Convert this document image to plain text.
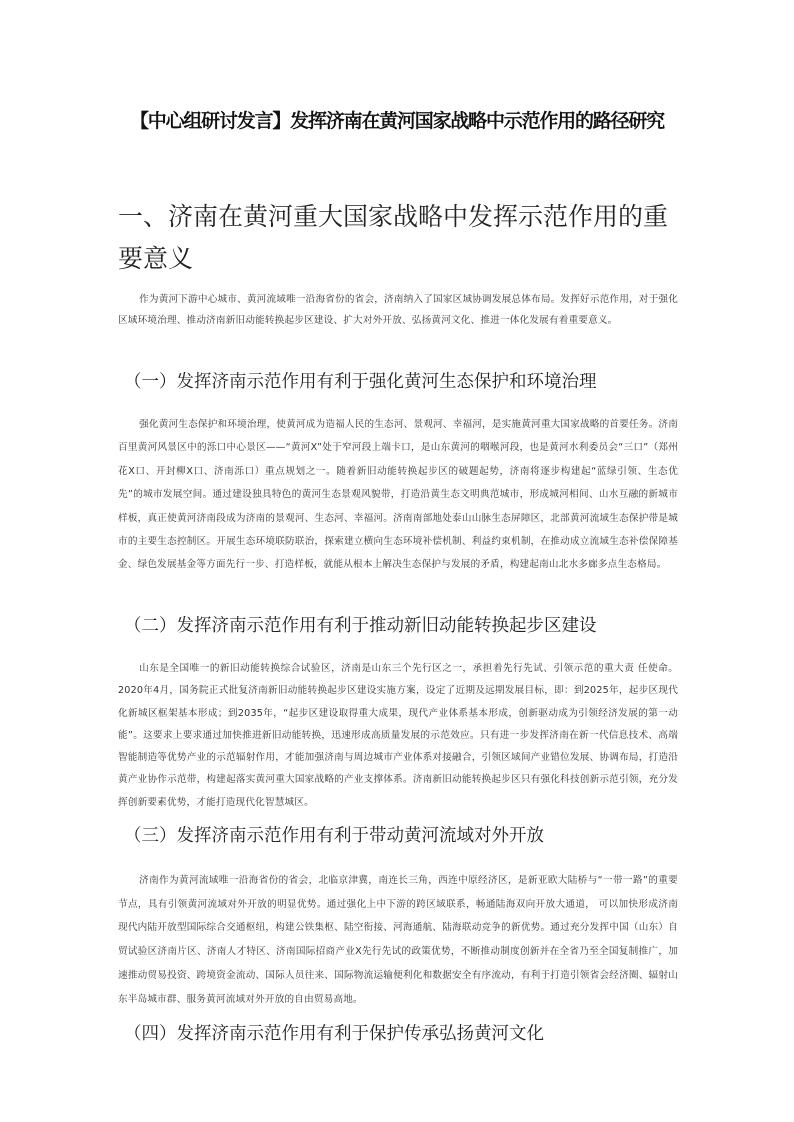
【中心组研讨发言】发挥济南在黄河国家战略中示范作用的路径研究
一、济南在黄河重大国家战略中发挥示范作用的重要意义

作为黄河下游中心城市、黄河流域唯一沿海省份的省会，济南纳入了国家区域协调发展总体布局。发挥好示范作用，对于强化区域环境治理、推动济南新旧动能转换起步区建设、扩大对外开放、弘扬黄河文化、推进一体化发展有着重要意义。

（一）发挥济南示范作用有利于强化黄河生态保护和环境治理

强化黄河生态保护和环境治理，使黄河成为造福人民的生态河、景观河、幸福河，是实施黄河重大国家战略的首要任务。济南百里黄河风景区中的泺口中心景区——“黄河X”处于窄河段上端卡口，是山东黄河的咽喉河段，也是黄河水利委员会“三口”（郑州花X口、开封柳X口、济南泺口）重点规划之一。随着新旧动能转换起步区的破题起势，济南将逐步构建起“蓝绿引领、生态优先”的城市发展空间。通过建设独具特色的黄河生态景观风貌带，打造沿黄生态文明典范城市，形成城河相间、山水互融的新城市样板，真正使黄河济南段成为济南的景观河、生态河、幸福河。济南南部地处泰山山脉生态屏障区，北部黄河流域生态保护带是城市的主要生态控制区。开展生态环境联防联治，探索建立横向生态环境补偿机制、利益约束机制，在推动成立流域生态补偿保障基金、绿色发展基金等方面先行一步、打造样板，就能从根本上解决生态保护与发展的矛盾，构建起南山北水多廊多点生态格局。

（二）发挥济南示范作用有利于推动新旧动能转换起步区建设

山东是全国唯一的新旧动能转换综合试验区，济南是山东三个先行区之一，承担着先行先试、引领示范的重大责 任使命。2020年4月，国务院正式批复济南新旧动能转换起步区建设实施方案，设定了近期及远期发展目标，即：到2025年，起步区现代化新城区框架基本形成；到2035年，“起步区建设取得重大成果，现代产业体系基本形成，创新驱动成为引领经济发展的第一动能”。这要求上要求通过加快推进新旧动能转换，迅速形成高质量发展的示范效应。只有进一步发挥济南在新一代信息技术、高端智能制造等优势产业的示范辐射作用，才能加强济南与周边城市产业体系对接融合，引领区域间产业错位发展、协调布局，打造沿黄产业协作示范带，构建起落实黄河重大国家战略的产业支撑体系。济南新旧动能转换起步区只有强化科技创新示范引领，充分发挥创新要素优势，才能打造现代化智慧城区。

（三）发挥济南示范作用有利于带动黄河流域对外开放

济南作为黄河流域唯一沿海省份的省会，北临京津冀，南连长三角，西连中原经济区，是新亚欧大陆桥与“一带一路”的重要节点，具有引领黄河流域对外开放的明显优势。通过强化上中下游的跨区域联系，畅通陆海双向开放大通道， 可以加快形成济南现代内陆开放型国际综合交通枢纽，构建公铁集枢、陆空衔接、河海通航、陆海联动竞争的新优势。通过充分发挥中国（山东）自贸试验区济南片区、济南人才特区、济南国际招商产业X先行先试的政策优势，不断推动制度创新并在全省乃至全国复制推广，加速推动贸易投资、跨境资金流动、国际人员往来、国际物流运输便利化和数据安全有序流动，有利于打造引领省会经济圈、辐射山东半岛城市群、服务黄河流域对外开放的自由贸易高地。

（四）发挥济南示范作用有利于保护传承弘扬黄河文化
